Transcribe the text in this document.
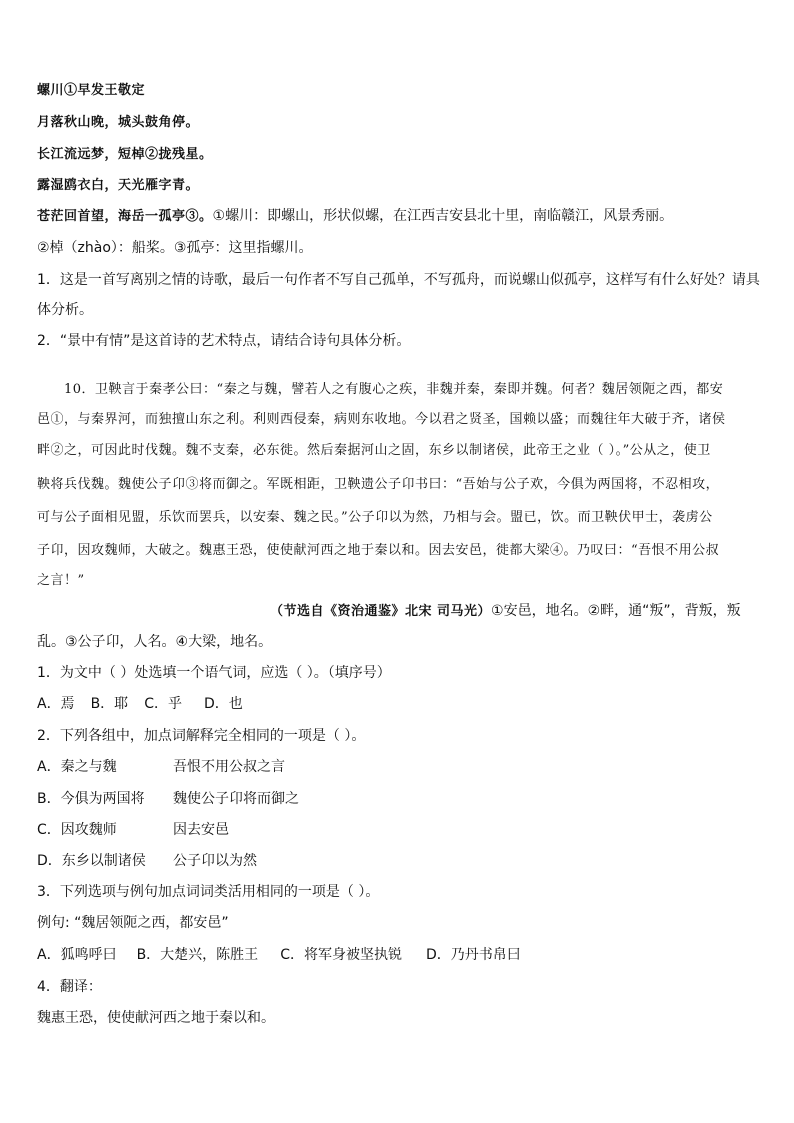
螺川①早发王敬定
月落秋山晚，城头鼓角停。
长江流远梦，短棹②拢残星。
露湿鸥衣白，天光雁字青。
苍茫回首望，海岳一孤亭③。①螺川：即螺山，形状似螺，在江西吉安县北十里，南临赣江，风景秀丽。
②棹（zhào）：船桨。③孤亭：这里指螺川。
1．这是一首写离别之情的诗歌，最后一句作者不写自己孤单，不写孤舟，而说螺山似孤亭，这样写有什么好处？请具
体分析。
2．“景中有情”是这首诗的艺术特点，请结合诗句具体分析。
10．卫鞅言于秦孝公曰：“秦之与魏，譬若人之有腹心之疾，非魏并秦，秦即并魏。何者？魏居领阨之西，都安
邑①，与秦界河，而独擅山东之利。利则西侵秦，病则东收地。今以君之贤圣，国赖以盛；而魏往年大破于齐，诸侯
畔②之，可因此时伐魏。魏不支秦，必东徙。然后秦据河山之固，东乡以制诸侯，此帝王之业（ ）。”公从之，使卫
鞅将兵伐魏。魏使公子卬③将而御之。军既相距，卫鞅遗公子卬书曰：“吾始与公子欢，今俱为两国将，不忍相攻，
可与公子面相见盟，乐饮而罢兵，以安秦、魏之民。”公子卬以为然，乃相与会。盟已，饮。而卫鞅伏甲士，袭虏公
子卬，因攻魏师，大破之。魏惠王恐，使使献河西之地于秦以和。因去安邑，徙都大梁④。乃叹曰：“吾恨不用公叔
之言！”
（节选自《资治通鉴》北宋 司马光）①安邑，地名。②畔，通“叛”，背叛，叛
乱。③公子卬，人名。④大梁，地名。
1．为文中（ ）处选填一个语气词，应选（ ）。（填序号）
A．焉 B．耶 C．乎 D．也
2．下列各组中，加点词解释完全相同的一项是（ ）。
A．秦之与魏	吾恨不用公叔之言
B．今俱为两国将 魏使公子卬将而御之
C．因攻魏师	因去安邑
D．东乡以制诸侯 公子卬以为然
3．下列选项与例句加点词词类活用相同的一项是（ ）。
例句: “魏居领阨之西，都安邑”
A．狐鸣呼曰 B．大楚兴，陈胜王 C．将军身被坚执锐 D．乃丹书帛曰
4．翻译：
魏惠王恐，使使献河西之地于秦以和。
